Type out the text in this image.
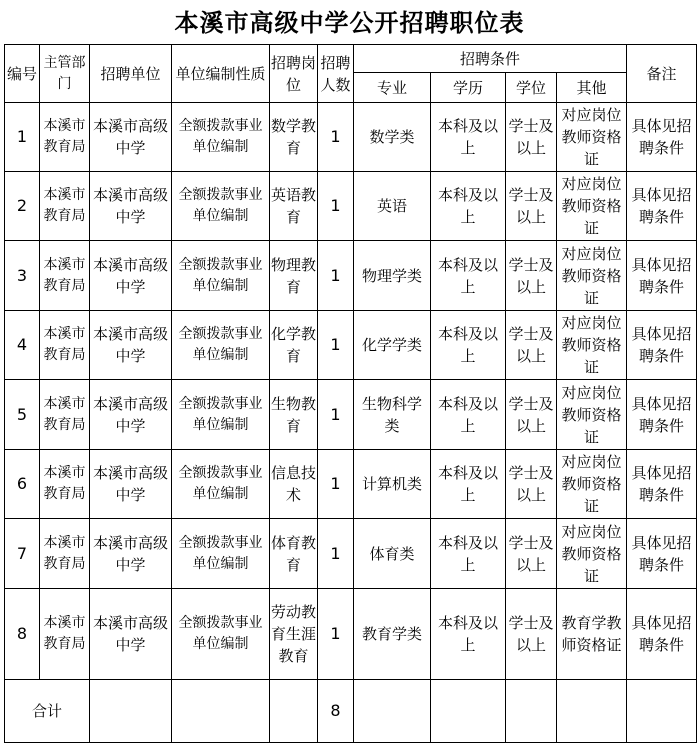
本溪市高级中学公开招聘职位表
编号	主管部门	招聘单位	单位编制性质	招聘岗位	招聘人数	招聘条件				备注
						专业	学历	学位	其他	
1	本溪市教育局	本溪市高级中学	全额拨款事业单位编制	数学教育	1	数学类	本科及以上	学士及以上	对应岗位教师资格证	具体见招聘条件
2	本溪市教育局	本溪市高级中学	全额拨款事业单位编制	英语教育	1	英语	本科及以上	学士及以上	对应岗位教师资格证	具体见招聘条件
3	本溪市教育局	本溪市高级中学	全额拨款事业单位编制	物理教育	1	物理学类	本科及以上	学士及以上	对应岗位教师资格证	具体见招聘条件
4	本溪市教育局	本溪市高级中学	全额拨款事业单位编制	化学教育	1	化学学类	本科及以上	学士及以上	对应岗位教师资格证	具体见招聘条件
5	本溪市教育局	本溪市高级中学	全额拨款事业单位编制	生物教育	1	生物科学类	本科及以上	学士及以上	对应岗位教师资格证	具体见招聘条件
6	本溪市教育局	本溪市高级中学	全额拨款事业单位编制	信息技术	1	计算机类	本科及以上	学士及以上	对应岗位教师资格证	具体见招聘条件
7	本溪市教育局	本溪市高级中学	全额拨款事业单位编制	体育教育	1	体育类	本科及以上	学士及以上	对应岗位教师资格证	具体见招聘条件
8	本溪市教育局	本溪市高级中学	全额拨款事业单位编制	劳动教育生涯教育	1	教育学类	本科及以上	学士及以上	教育学教师资格证	具体见招聘条件
合计					8					
